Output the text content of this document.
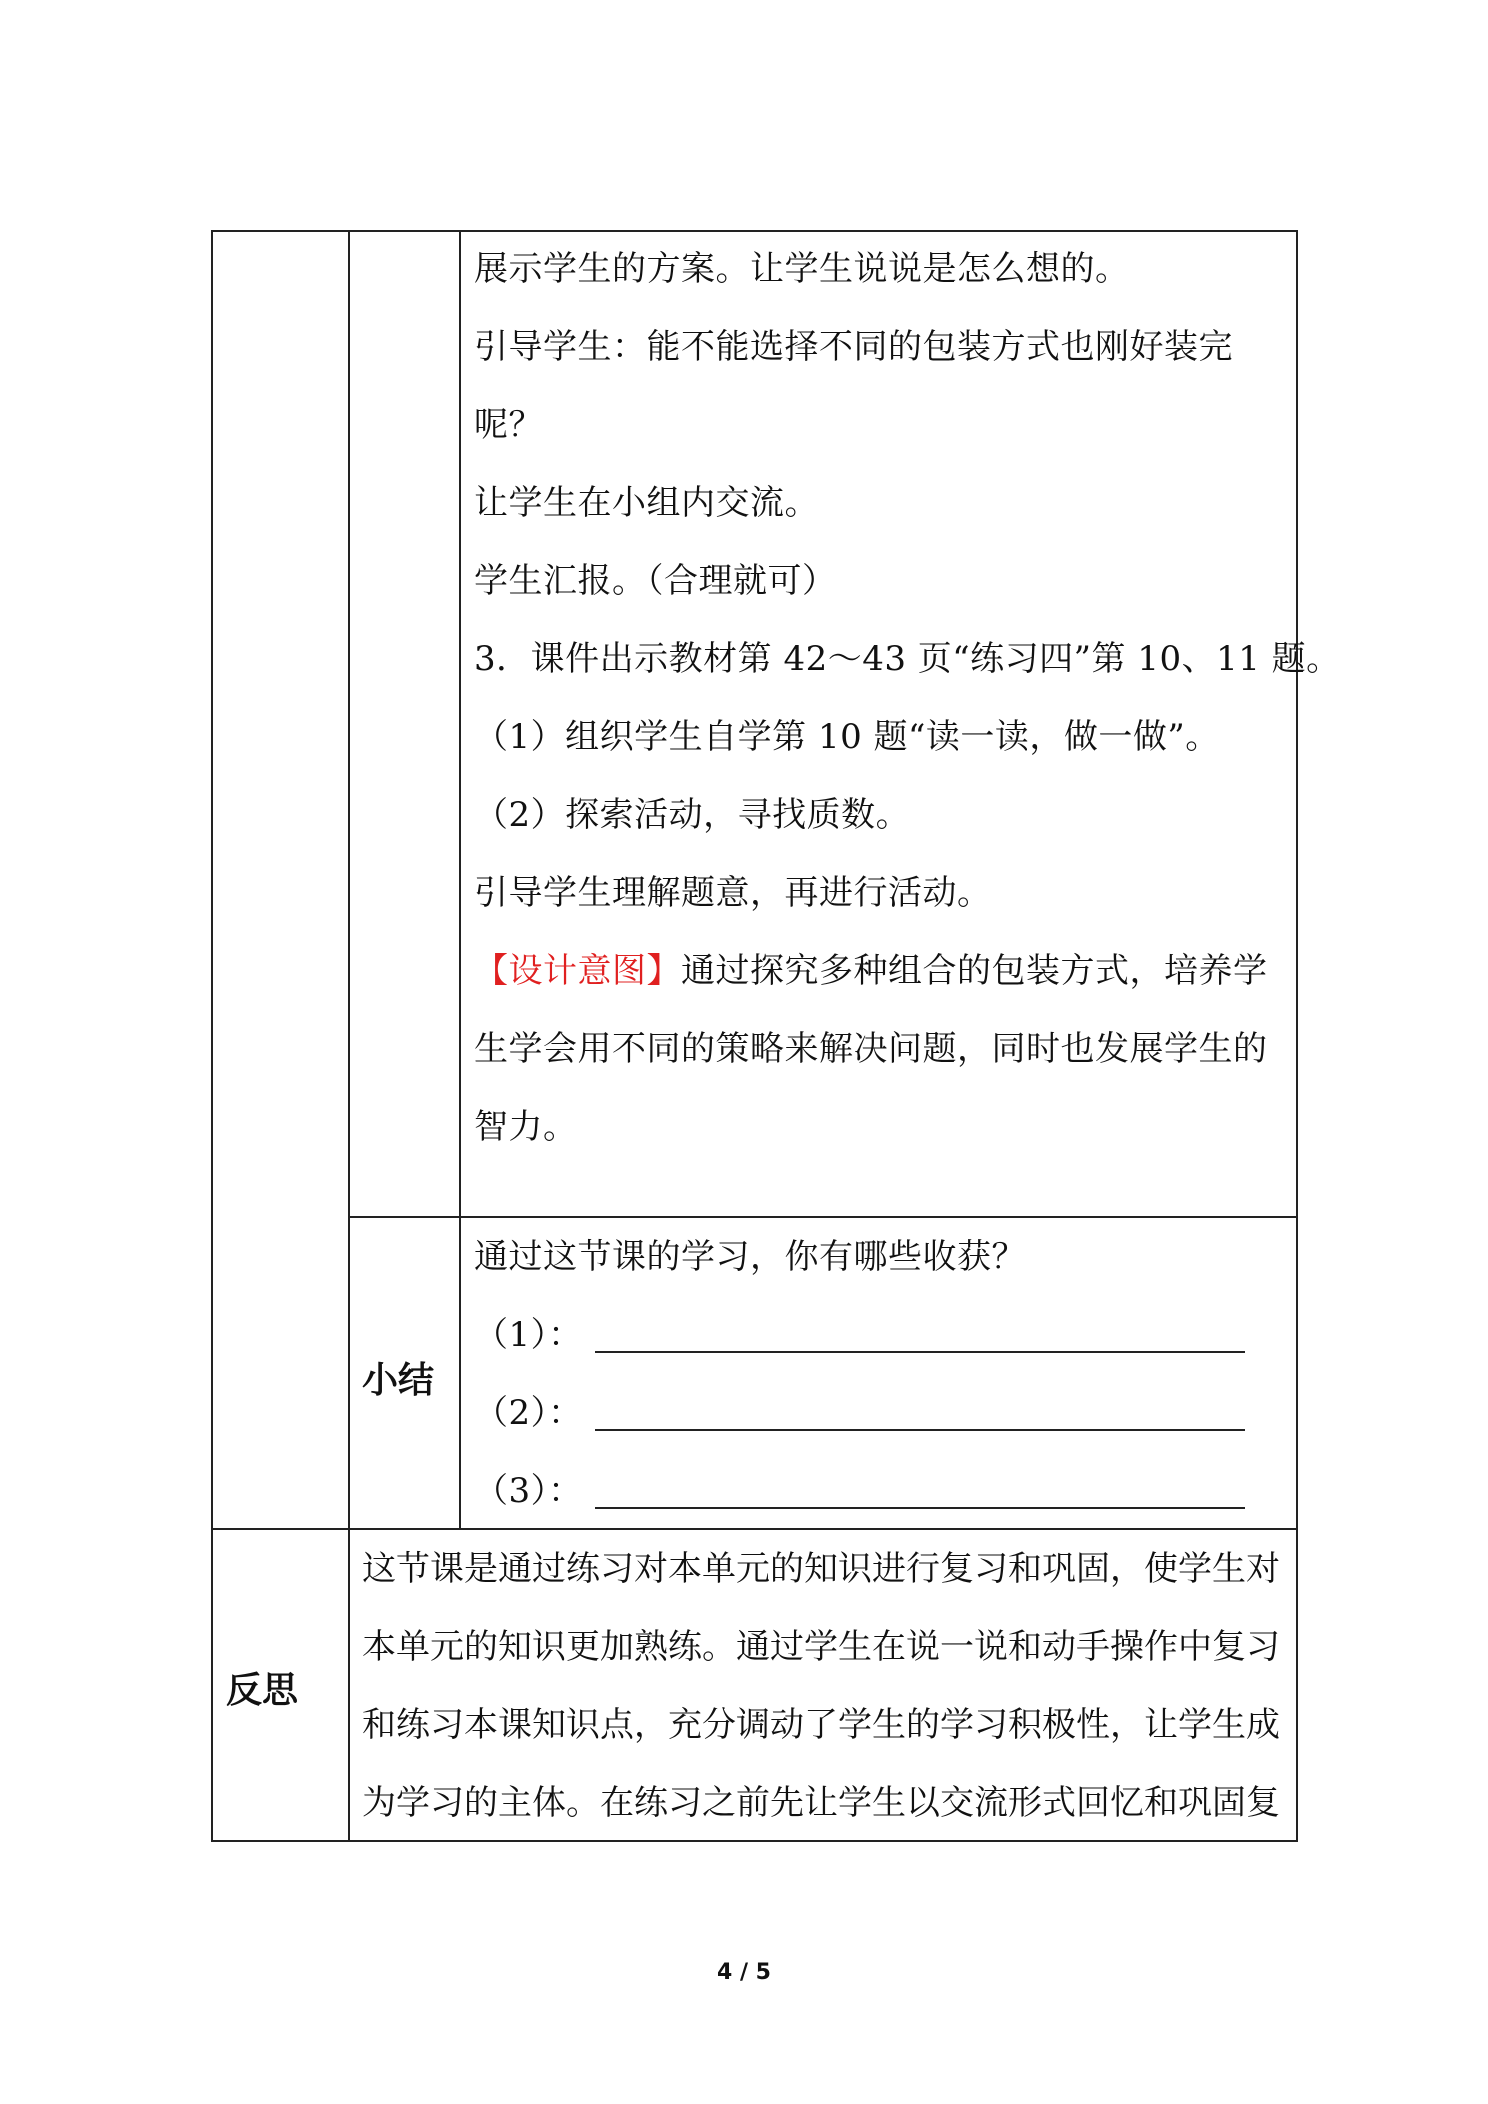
展示学生的方案。让学生说说是怎么想的。
引导学生：能不能选择不同的包装方式也刚好装完
呢？
让学生在小组内交流。
学生汇报。（合理就可）
3．课件出示教材第 42～43 页“练习四”第 10、11 题。
（1）组织学生自学第 10 题“读一读，做一做”。
（2）探索活动，寻找质数。
引导学生理解题意，再进行活动。
【设计意图】通过探究多种组合的包装方式，培养学
生学会用不同的策略来解决问题，同时也发展学生的
智力。
小结
通过这节课的学习，你有哪些收获？
（1）：
（2）：
（3）：
反思
这节课是通过练习对本单元的知识进行复习和巩固，使学生对
本单元的知识更加熟练。通过学生在说一说和动手操作中复习
和练习本课知识点，充分调动了学生的学习积极性，让学生成
为学习的主体。在练习之前先让学生以交流形式回忆和巩固复
4 / 5
